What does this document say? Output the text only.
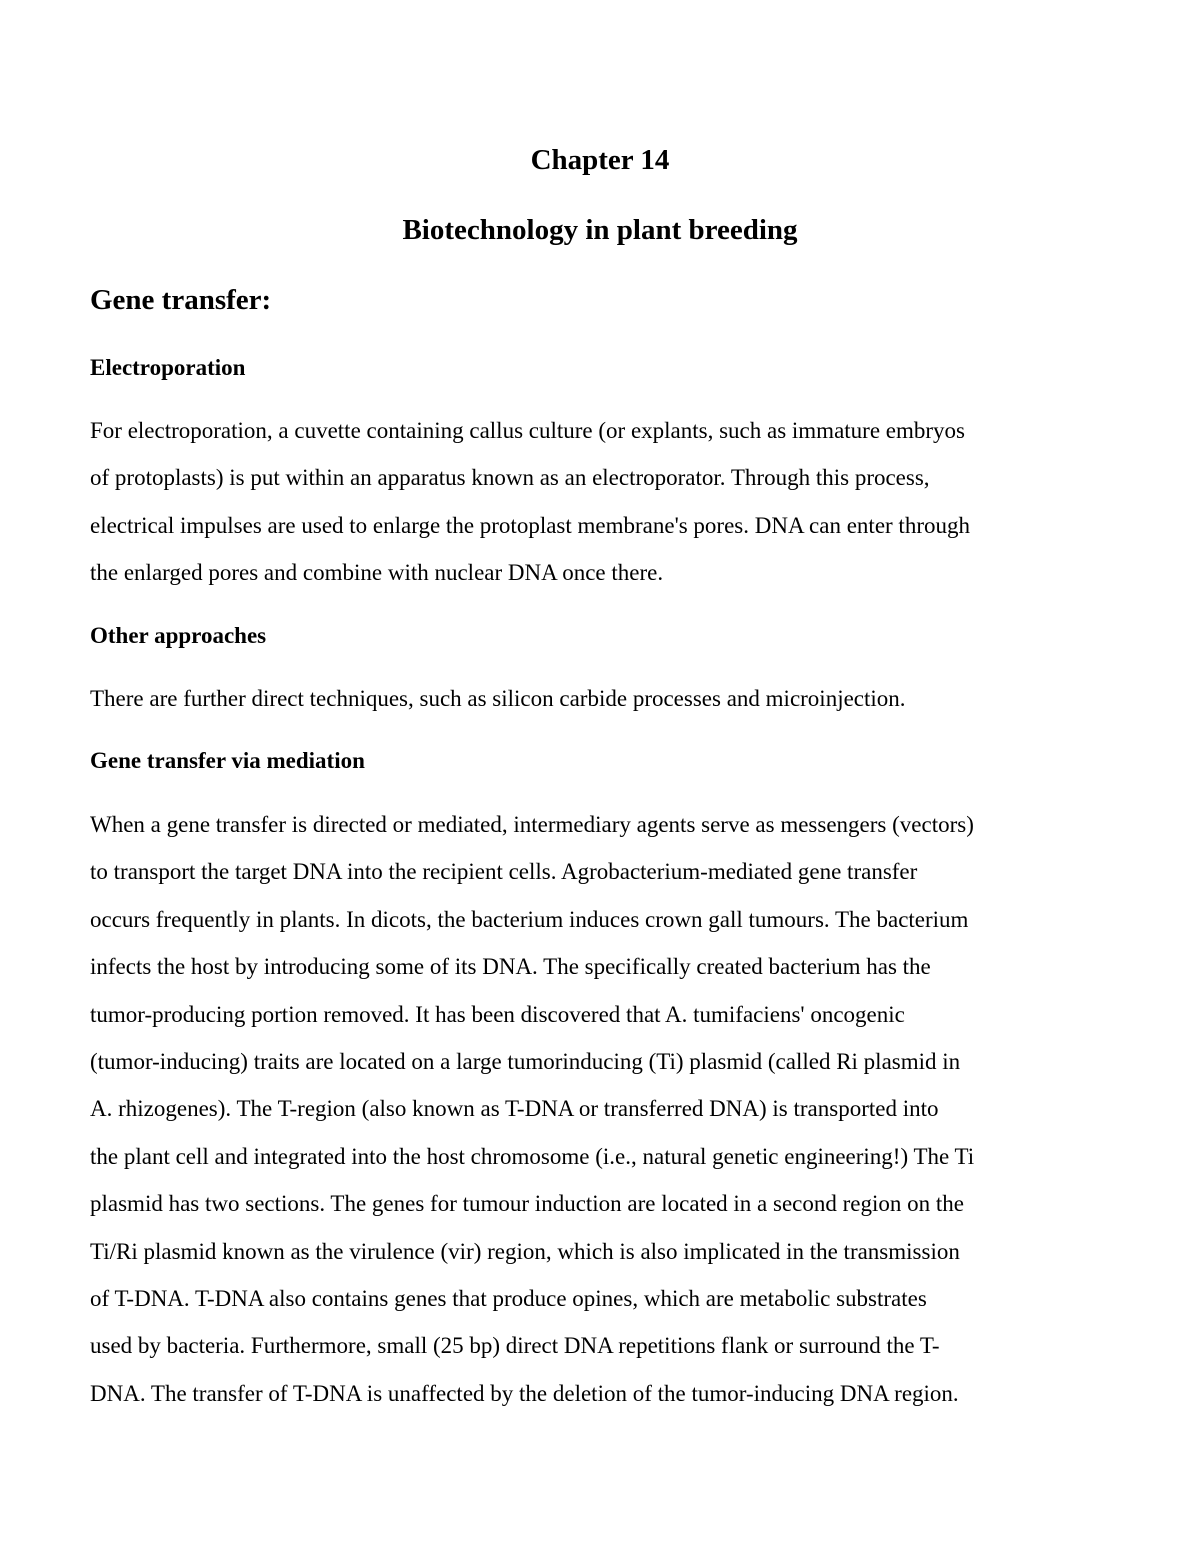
Chapter 14
Biotechnology in plant breeding
Gene transfer:
Electroporation

For electroporation, a cuvette containing callus culture (or explants, such as immature embryos
of protoplasts) is put within an apparatus known as an electroporator. Through this process,
electrical impulses are used to enlarge the protoplast membrane's pores. DNA can enter through
the enlarged pores and combine with nuclear DNA once there.

Other approaches

There are further direct techniques, such as silicon carbide processes and microinjection.

Gene transfer via mediation

When a gene transfer is directed or mediated, intermediary agents serve as messengers (vectors)
to transport the target DNA into the recipient cells. Agrobacterium-mediated gene transfer
occurs frequently in plants. In dicots, the bacterium induces crown gall tumours. The bacterium
infects the host by introducing some of its DNA. The specifically created bacterium has the
tumor-producing portion removed. It has been discovered that A. tumifaciens' oncogenic
(tumor-inducing) traits are located on a large tumorinducing (Ti) plasmid (called Ri plasmid in
A. rhizogenes). The T-region (also known as T-DNA or transferred DNA) is transported into
the plant cell and integrated into the host chromosome (i.e., natural genetic engineering!) The Ti
plasmid has two sections. The genes for tumour induction are located in a second region on the
Ti/Ri plasmid known as the virulence (vir) region, which is also implicated in the transmission
of T-DNA. T-DNA also contains genes that produce opines, which are metabolic substrates
used by bacteria. Furthermore, small (25 bp) direct DNA repetitions flank or surround the T-
DNA. The transfer of T-DNA is unaffected by the deletion of the tumor-inducing DNA region.
